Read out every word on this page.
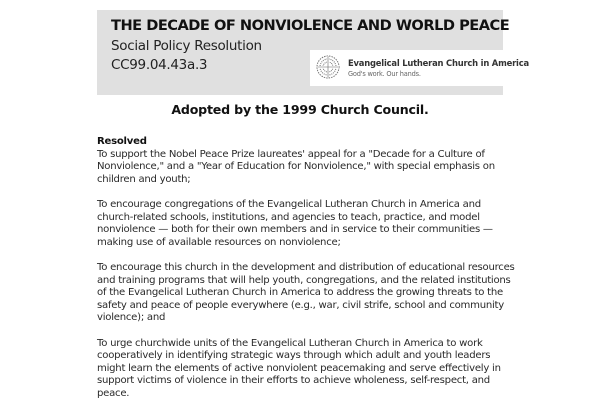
THE DECADE OF NONVIOLENCE AND WORLD PEACE
Social Policy Resolution
CC99.04.43a.3	Evangelical Lutheran Church in America
God's work. Our hands.
Adopted by the 1999 Church Council.
Resolved

To support the Nobel Peace Prize laureates' appeal for a "Decade for a Culture of Nonviolence," and a "Year of Education for Nonviolence," with special emphasis on children and youth;

To encourage congregations of the Evangelical Lutheran Church in America and church-related schools, institutions, and agencies to teach, practice, and model nonviolence — both for their own members and in service to their communities — making use of available resources on nonviolence;

To encourage this church in the development and distribution of educational resources and training programs that will help youth, congregations, and the related institutions of the Evangelical Lutheran Church in America to address the growing threats to the safety and peace of people everywhere (e.g., war, civil strife, school and community violence); and

To urge churchwide units of the Evangelical Lutheran Church in America to work cooperatively in identifying strategic ways through which adult and youth leaders might learn the elements of active nonviolent peacemaking and serve effectively in support victims of violence in their efforts to achieve wholeness, self-respect, and peace.
